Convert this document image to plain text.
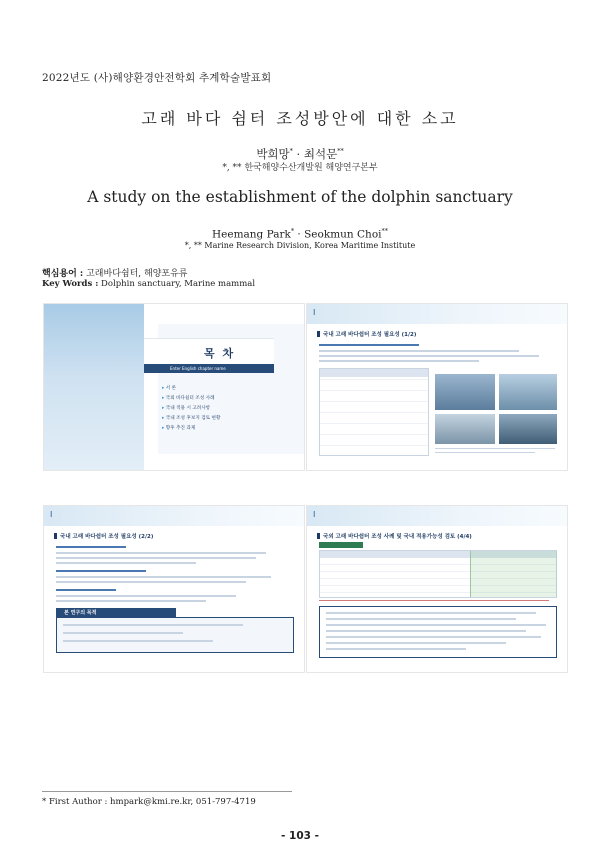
2022년도 (사)해양환경안전학회 추계학술발표회
고래 바다 쉼터 조성방안에 대한 소고
박희망* · 최석문**
*, ** 한국해양수산개발원 해양연구본부
A study on the establishment of the dolphin sanctuary
Heemang Park* · Seokmun Choi**
*, ** Marine Research Division, Korea Maritime Institute
핵심용어 : 고래바다쉼터, 해양포유류
Key Words : Dolphin sanctuary, Marine mammal
목 차
Enter English chapter name
▸ 서 론
▸ 국외 바다쉼터 조성 사례
▸ 국내 적용 시 고려사항
▸ 국내 조성 후보지 검토 현황
▸ 향후 추진 과제
Ⅰ
국내 고래 바다쉼터 조성 필요성 (1/2)
Ⅰ
국내 고래 바다쉼터 조성 필요성 (2/2)
본 연구의 목적
Ⅰ
국외 고래 바다쉼터 조성 사례 및 국내 적용가능성 검토 (4/4)
* First Author : hmpark@kmi.re.kr, 051-797-4719
- 103 -
